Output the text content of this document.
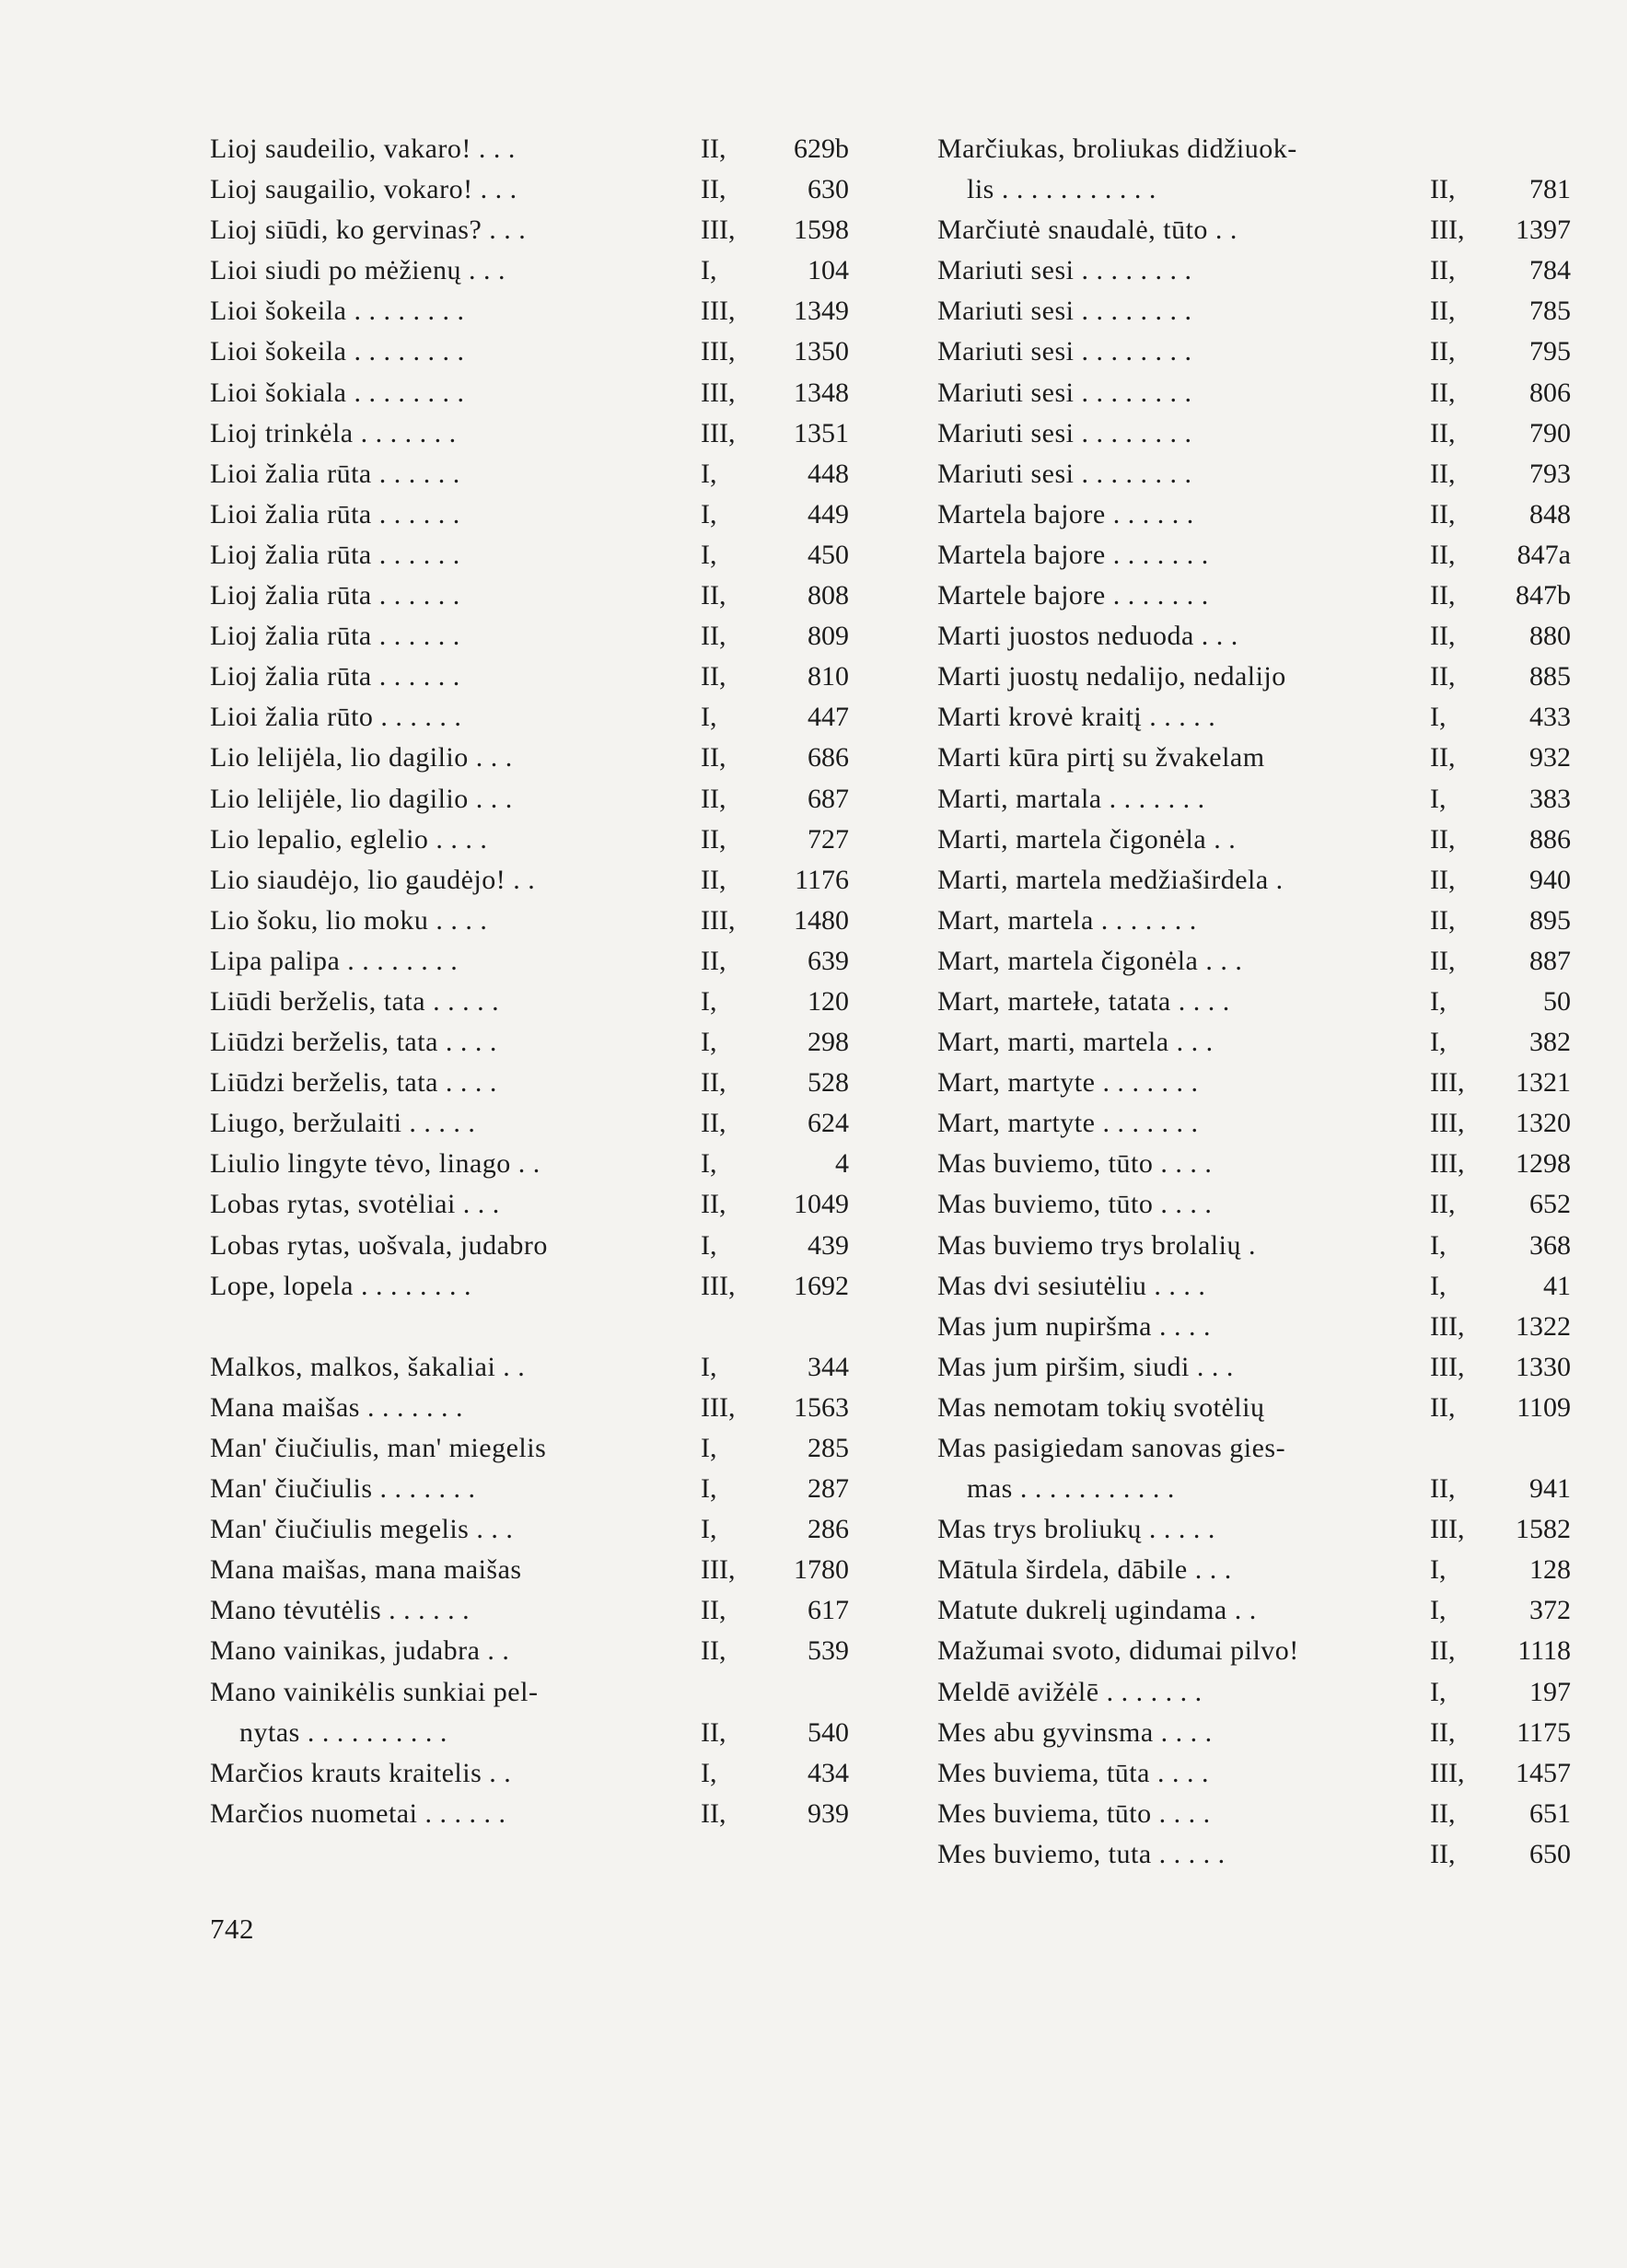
Lioj saudeilio, vakaro! . . .	II,	629b
Lioj saugailio, vokaro! . . .	II,	630
Lioj siūdi, ko gervinas? . . .	III,	1598
Lioi siudi po mėžienų . . .	I,	104
Lioi šokeila . . . . . . . .	III,	1349
Lioi šokeila . . . . . . . .	III,	1350
Lioi šokiala . . . . . . . .	III,	1348
Lioj trinkėla . . . . . . .	III,	1351
Lioi žalia rūta . . . . . .	I,	448
Lioi žalia rūta . . . . . .	I,	449
Lioj žalia rūta . . . . . .	I,	450
Lioj žalia rūta . . . . . .	II,	808
Lioj žalia rūta . . . . . .	II,	809
Lioj žalia rūta . . . . . .	II,	810
Lioi žalia rūto . . . . . .	I,	447
Lio lelijėla, lio dagilio . . .	II,	686
Lio lelijėle, lio dagilio . . .	II,	687
Lio lepalio, eglelio . . . .	II,	727
Lio siaudėjo, lio gaudėjo! . .	II,	1176
Lio šoku, lio moku . . . .	III,	1480
Lipa palipa . . . . . . . .	II,	639
Liūdi berželis, tata . . . . .	I,	120
Liūdzi berželis, tata . . . .	I,	298
Liūdzi berželis, tata . . . .	II,	528
Liugo, beržulaiti . . . . .	II,	624
Liulio lingyte tėvo, linago . .	I,	4
Lobas rytas, svotėliai . . .	II,	1049
Lobas rytas, uošvala, judabro	I,	439
Lope, lopela . . . . . . . .	III,	1692
Malkos, malkos, šakaliai . .	I,	344
Mana maišas . . . . . . .	III,	1563
Man' čiučiulis, man' miegelis	I,	285
Man' čiučiulis . . . . . . .	I,	287
Man' čiučiulis megelis . . .	I,	286
Mana maišas, mana maišas	III,	1780
Mano tėvutėlis . . . . . .	II,	617
Mano vainikas, judabra . .	II,	539
Mano vainikėlis sunkiai pel-
nytas . . . . . . . . . .	II,	540
Marčios krauts kraitelis . .	I,	434
Marčios nuometai . . . . . .	II,	939
Marčiukas, broliukas didžiuok-
lis . . . . . . . . . . .	II,	781
Marčiutė snaudalė, tūto . .	III,	1397
Mariuti sesi . . . . . . . .	II,	784
Mariuti sesi . . . . . . . .	II,	785
Mariuti sesi . . . . . . . .	II,	795
Mariuti sesi . . . . . . . .	II,	806
Mariuti sesi . . . . . . . .	II,	790
Mariuti sesi . . . . . . . .	II,	793
Martela bajore . . . . . .	II,	848
Martela bajore . . . . . . .	II,	847a
Martele bajore . . . . . . .	II,	847b
Marti juostos neduoda . . .	II,	880
Marti juostų nedalijo, nedalijo	II,	885
Marti krovė kraitį . . . . .	I,	433
Marti kūra pirtį su žvakelam	II,	932
Marti, martala . . . . . . .	I,	383
Marti, martela čigonėla . .	II,	886
Marti, martela medžiaširdela .	II,	940
Mart, martela . . . . . . .	II,	895
Mart, martela čigonėla . . .	II,	887
Mart, martełe, tatata . . . .	I,	50
Mart, marti, martela . . .	I,	382
Mart, martyte . . . . . . .	III,	1321
Mart, martyte . . . . . . .	III,	1320
Mas buviemo, tūto . . . .	III,	1298
Mas buviemo, tūto . . . .	II,	652
Mas buviemo trys brolalių .	I,	368
Mas dvi sesiutėliu . . . .	I,	41
Mas jum nupiršma . . . .	III,	1322
Mas jum piršim, siudi . . .	III,	1330
Mas nemotam tokių svotėlių	II,	1109
Mas pasigiedam sanovas gies-
mas . . . . . . . . . . .	II,	941
Mas trys broliukų . . . . .	III,	1582
Mātula širdela, dābile . . .	I,	128
Matute dukrelį ugindama . .	I,	372
Mažumai svoto, didumai pilvo!	II,	1118
Meldē avižėlē . . . . . . .	I,	197
Mes abu gyvinsma . . . .	II,	1175
Mes buviema, tūta . . . .	III,	1457
Mes buviema, tūto . . . .	II,	651
Mes buviemo, tuta . . . . .	II,	650
742
